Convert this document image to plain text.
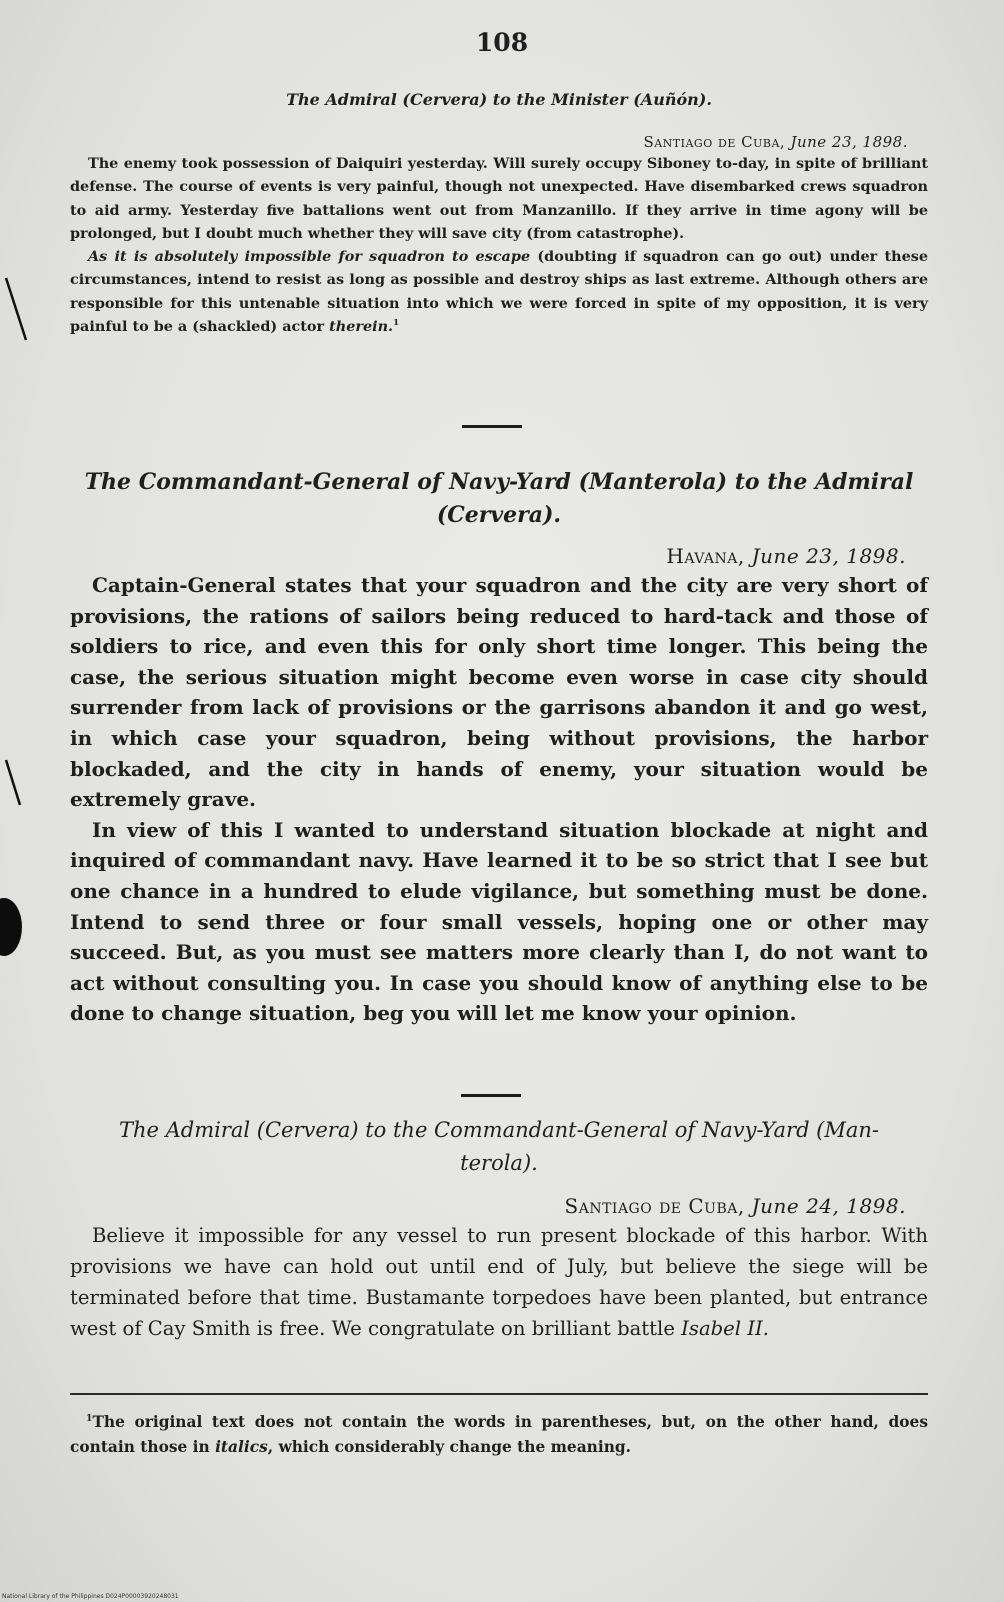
108
The Admiral (Cervera) to the Minister (Auñón).
Santiago de Cuba, June 23, 1898.

The enemy took possession of Daiquiri yesterday. Will surely occupy Siboney to-day, in spite of brilliant defense. The course of events is very painful, though not unexpected. Have disembarked crews squadron to aid army. Yesterday five battalions went out from Manzanillo. If they arrive in time agony will be prolonged, but I doubt much whether they will save city (from catastrophe).

As it is absolutely impossible for squadron to escape (doubting if squadron can go out) under these circumstances, intend to resist as long as possible and destroy ships as last extreme. Although others are responsible for this untenable situation into which we were forced in spite of my opposition, it is very painful to be a (shackled) actor therein.$^1$

The Commandant-General of Navy-Yard (Manterola) to the Admiral
(Cervera).
Havana, June 23, 1898.

Captain-General states that your squadron and the city are very short of provisions, the rations of sailors being reduced to hard-tack and those of soldiers to rice, and even this for only short time longer. This being the case, the serious situation might become even worse in case city should surrender from lack of provisions or the garrisons abandon it and go west, in which case your squadron, being without provisions, the harbor blockaded, and the city in hands of enemy, your situation would be extremely grave.

In view of this I wanted to understand situation blockade at night and inquired of commandant navy. Have learned it to be so strict that I see but one chance in a hundred to elude vigilance, but something must be done. Intend to send three or four small vessels, hoping one or other may succeed. But, as you must see matters more clearly than I, do not want to act without consulting you. In case you should know of anything else to be done to change situation, beg you will let me know your opinion.

The Admiral (Cervera) to the Commandant-General of Navy-Yard (Man-
terola).
Santiago de Cuba, June 24, 1898.

Believe it impossible for any vessel to run present blockade of this harbor. With provisions we have can hold out until end of July, but believe the siege will be terminated before that time. Bustamante torpedoes have been planted, but entrance west of Cay Smith is free. We congratulate on brilliant battle Isabel II.

$^1$The original text does not contain the words in parentheses, but, on the other hand, does contain those in italics, which considerably change the meaning.
National Library of the Philippines D024P00003920248031
